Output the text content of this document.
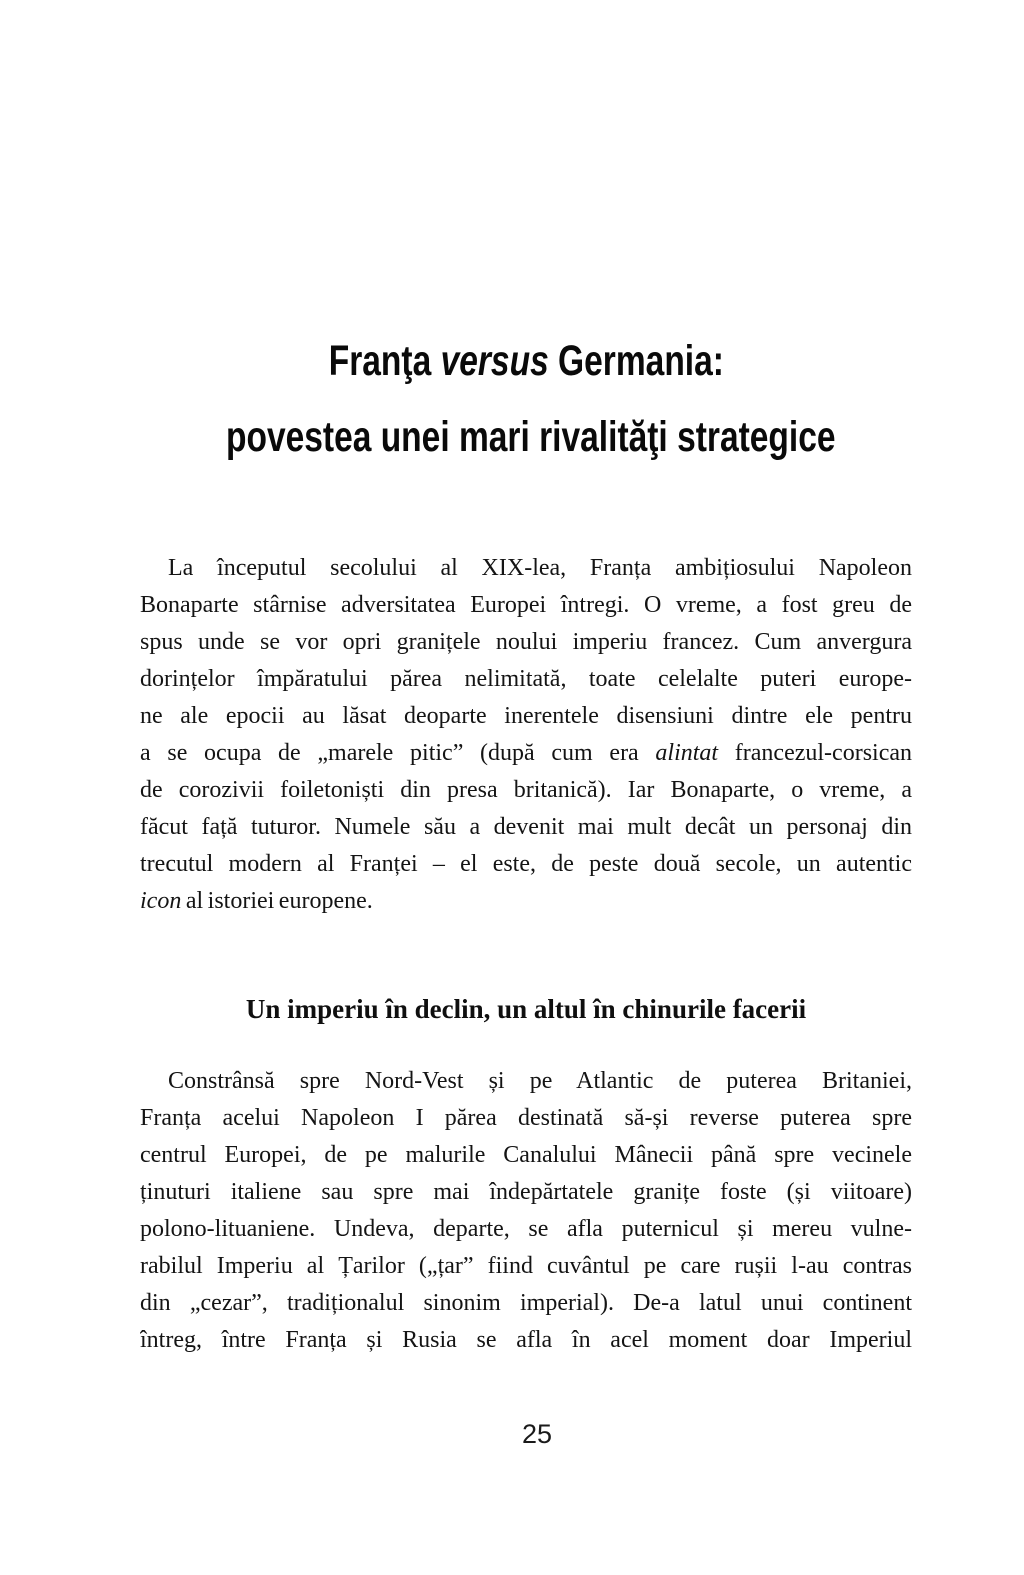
Franţa versus Germania:
povestea unei mari rivalităţi strategice
La începutul secolului al XIX-lea, Franța ambițiosului Napoleon
Bonaparte stârnise adversitatea Europei întregi. O vreme, a fost greu de
spus unde se vor opri granițele noului imperiu francez. Cum anvergura
dorințelor împăratului părea nelimitată, toate celelalte puteri europe-
ne ale epocii au lăsat deoparte inerentele disensiuni dintre ele pentru
a se ocupa de „marele pitic” (după cum era alintat francezul-corsican
de corozivii foiletoniști din presa britanică). Iar Bonaparte, o vreme, a
făcut față tuturor. Numele său a devenit mai mult decât un personaj din
trecutul modern al Franței – el este, de peste două secole, un autentic
icon al istoriei europene.
Un imperiu în declin, un altul în chinurile facerii
Constrânsă spre Nord-Vest și pe Atlantic de puterea Britaniei,
Franța acelui Napoleon I părea destinată să-și reverse puterea spre
centrul Europei, de pe malurile Canalului Mânecii până spre vecinele
ținuturi italiene sau spre mai îndepărtatele granițe foste (și viitoare)
polono-lituaniene. Undeva, departe, se afla puternicul și mereu vulne-
rabilul Imperiu al Țarilor („țar” fiind cuvântul pe care rușii l-au contras
din „cezar”, tradiționalul sinonim imperial). De-a latul unui continent
întreg, între Franța și Rusia se afla în acel moment doar Imperiul
25
